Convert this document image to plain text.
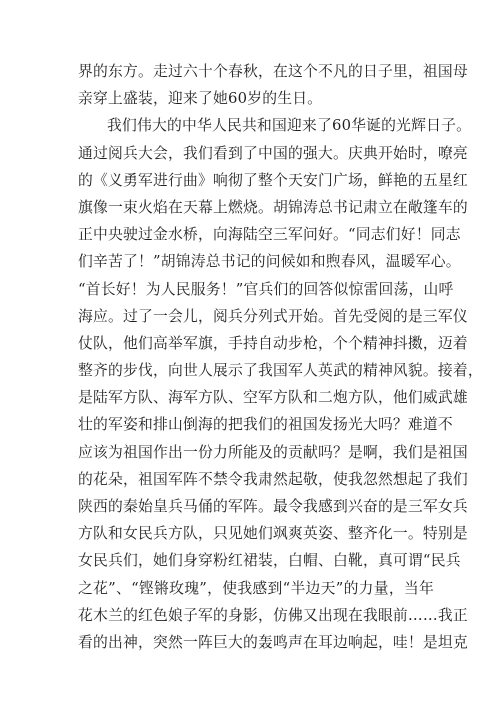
界的东方。走过六十个春秋，在这个不凡的日子里，祖国母
亲穿上盛装，迎来了她60岁的生日。
我们伟大的中华人民共和国迎来了60华诞的光辉日子。
通过阅兵大会，我们看到了中国的强大。庆典开始时，嘹亮
的《义勇军进行曲》响彻了整个天安门广场，鲜艳的五星红
旗像一束火焰在天幕上燃烧。胡锦涛总书记肃立在敞篷车的
正中央驶过金水桥，向海陆空三军问好。“同志们好！同志
们辛苦了！”胡锦涛总书记的问候如和煦春风，温暖军心。
“首长好！为人民服务！”官兵们的回答似惊雷回荡，山呼
海应。过了一会儿，阅兵分列式开始。首先受阅的是三军仪
仗队，他们高举军旗，手持自动步枪，个个精神抖擞，迈着
整齐的步伐，向世人展示了我国军人英武的精神风貌。接着，
是陆军方队、海军方队、空军方队和二炮方队，他们威武雄
壮的军姿和排山倒海的把我们的祖国发扬光大吗？难道不
应该为祖国作出一份力所能及的贡献吗？是啊，我们是祖国
的花朵，祖国军阵不禁令我肃然起敬，使我忽然想起了我们
陕西的秦始皇兵马俑的军阵。最令我感到兴奋的是三军女兵
方队和女民兵方队，只见她们飒爽英姿、整齐化一。特别是
女民兵们，她们身穿粉红裙装，白帽、白靴，真可谓“民兵
之花”、“铿锵玫瑰”，使我感到“半边天”的力量，当年
花木兰的红色娘子军的身影，仿佛又出现在我眼前……我正
看的出神，突然一阵巨大的轰鸣声在耳边响起，哇！是坦克
